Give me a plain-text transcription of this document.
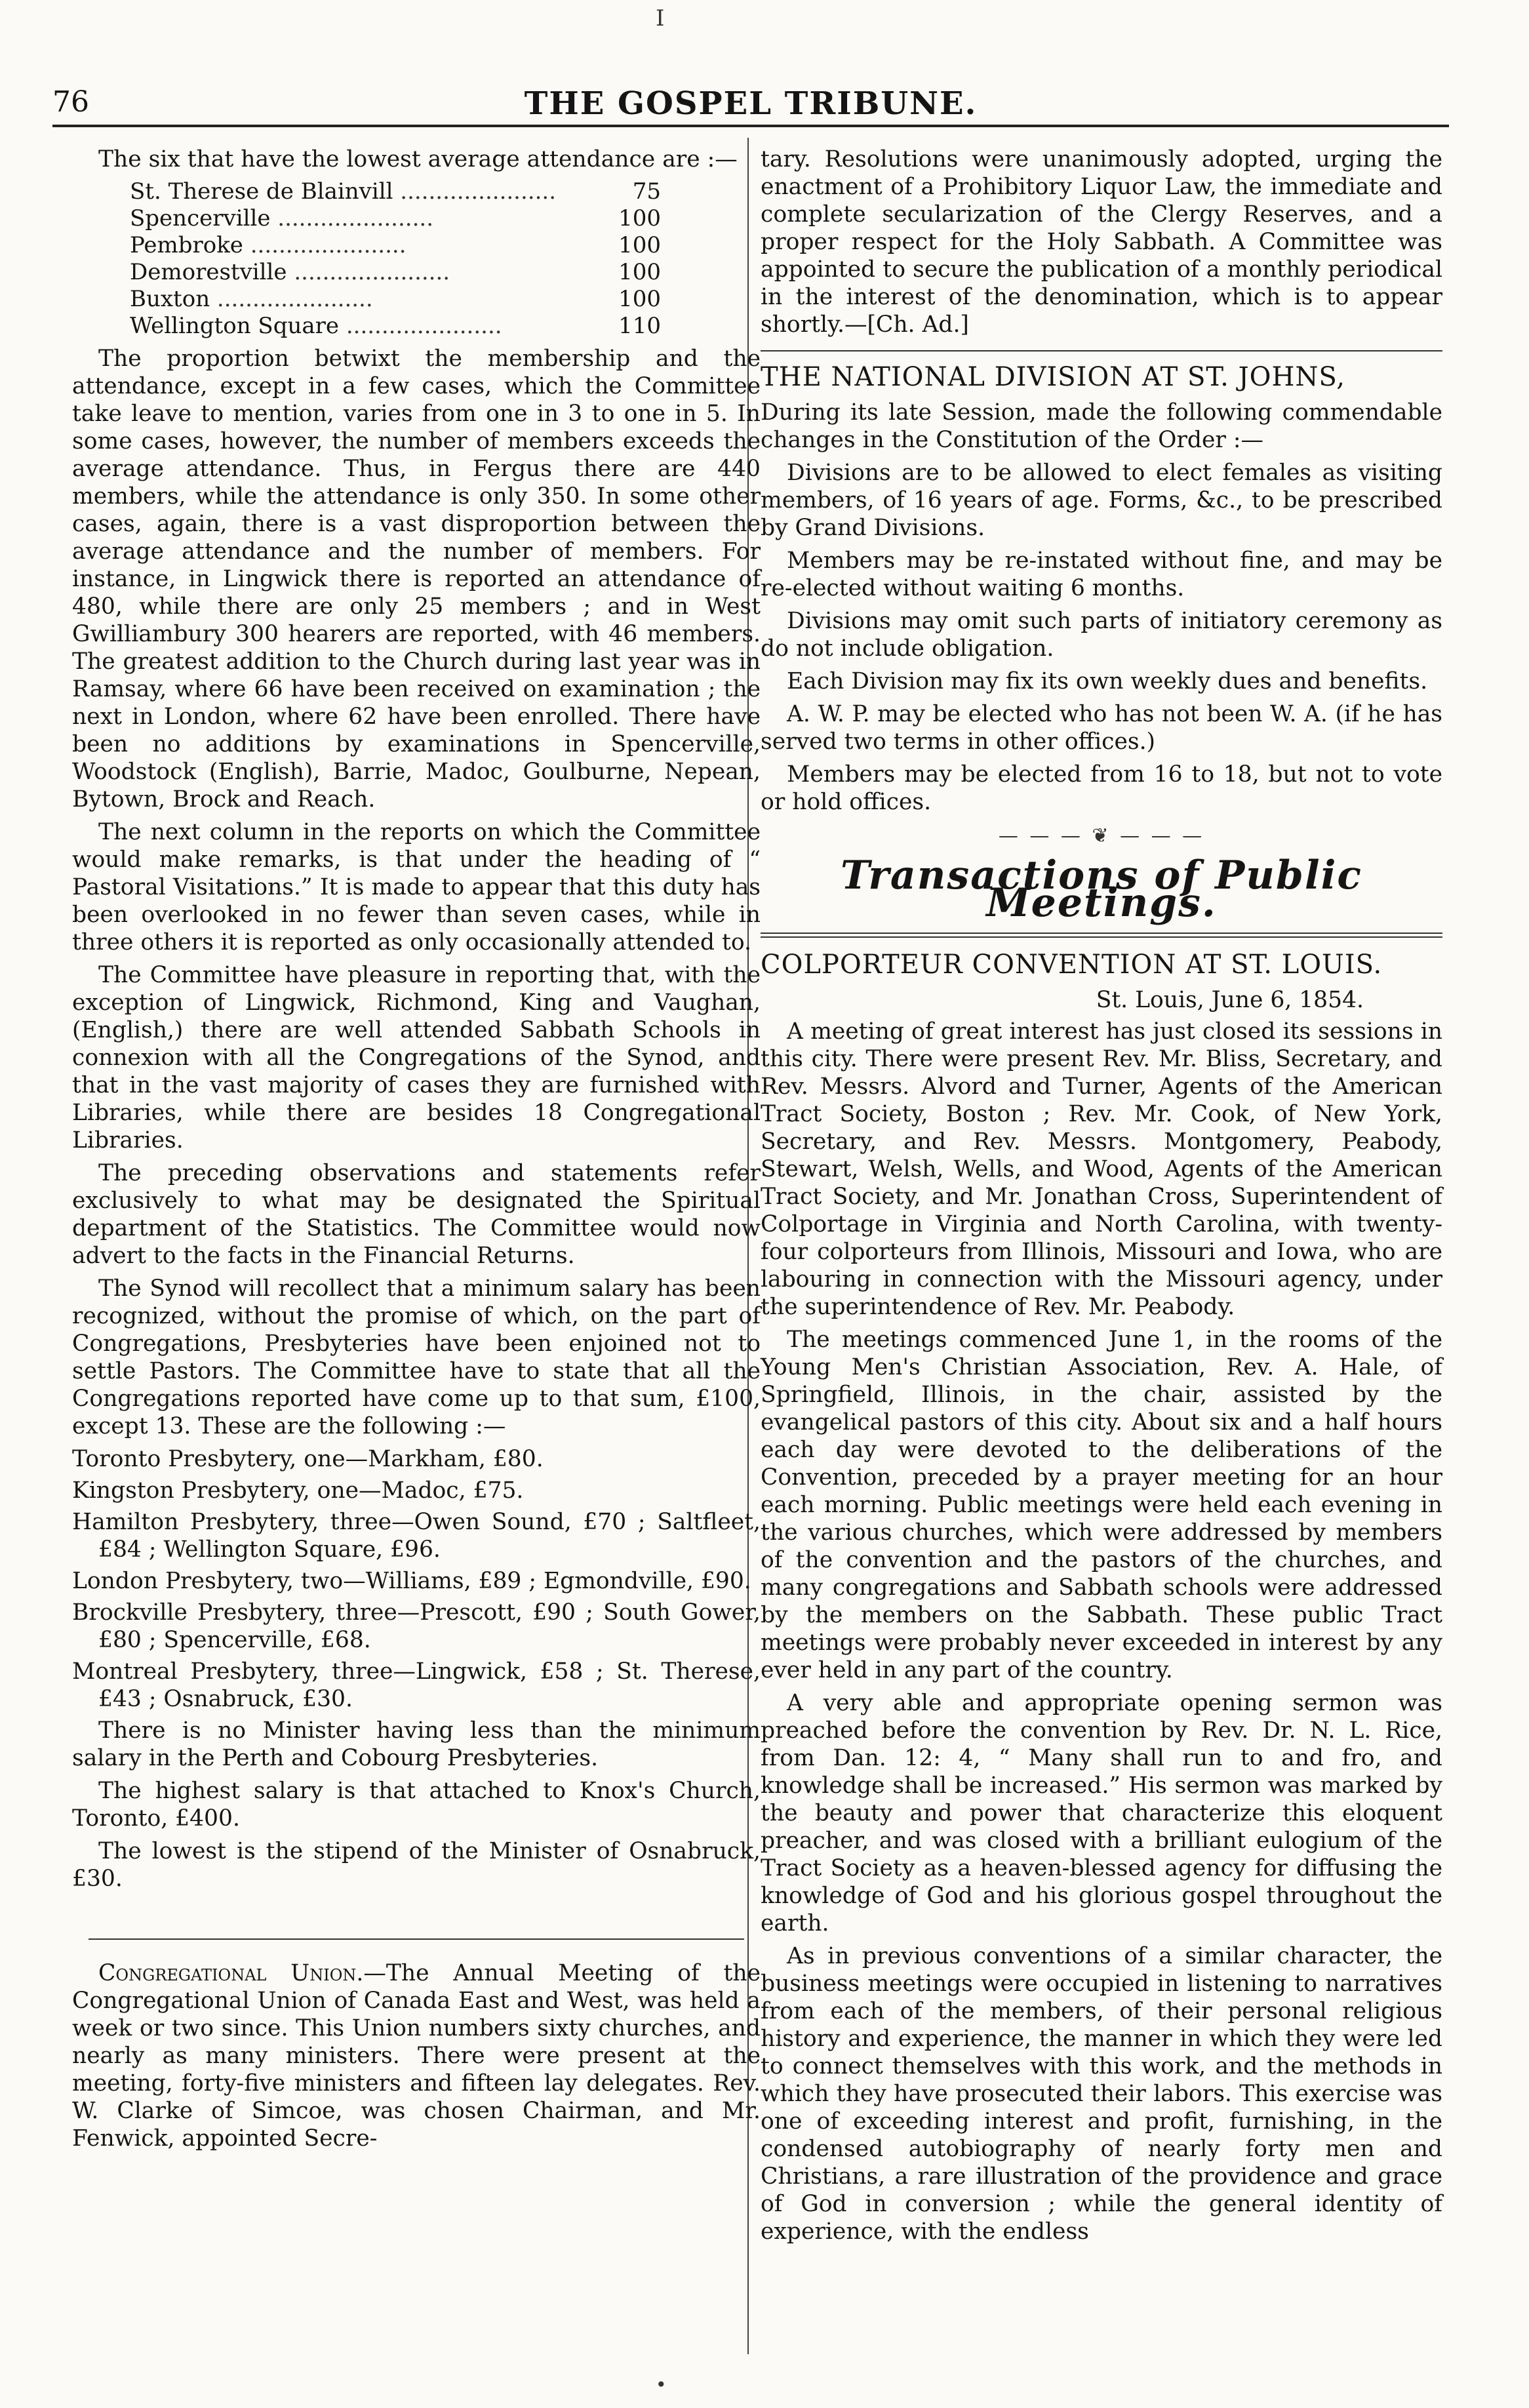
76	THE GOSPEL TRIBUNE.
I

The six that have the lowest average attendance are :—

St. Therese de Blainvill .....	75
Spencerville .....	100
Pembroke .....	100
Demorestville .....	100
Buxton .....	100
Wellington Square .....	110

The proportion betwixt the membership and the attendance, except in a few cases, which the Committee take leave to mention, varies from one in 3 to one in 5. In some cases, however, the number of members exceeds the average attendance. Thus, in Fergus there are 440 members, while the attendance is only 350. In some other cases, again, there is a vast disproportion between the average attendance and the number of members. For instance, in Lingwick there is reported an attendance of 480, while there are only 25 members ; and in West Gwilliambury 300 hearers are reported, with 46 members. The greatest addition to the Church during last year was in Ramsay, where 66 have been received on examination ; the next in London, where 62 have been enrolled. There have been no additions by examinations in Spencerville, Woodstock (English), Barrie, Madoc, Goulburne, Nepean, Bytown, Brock and Reach.

The next column in the reports on which the Committee would make remarks, is that under the heading of “ Pastoral Visitations.” It is made to appear that this duty has been overlooked in no fewer than seven cases, while in three others it is reported as only occasionally attended to.

The Committee have pleasure in reporting that, with the exception of Lingwick, Richmond, King and Vaughan, (English,) there are well attended Sabbath Schools in connexion with all the Congregations of the Synod, and that in the vast majority of cases they are furnished with Libraries, while there are besides 18 Congregational Libraries.

The preceding observations and statements refer exclusively to what may be designated the Spiritual department of the Statistics. The Committee would now advert to the facts in the Financial Returns.

The Synod will recollect that a minimum salary has been recognized, without the promise of which, on the part of Congregations, Presbyteries have been enjoined not to settle Pastors. The Committee have to state that all the Congregations reported have come up to that sum, £100, except 13. These are the following :—

Toronto Presbytery, one—Markham, £80.

Kingston Presbytery, one—Madoc, £75.

Hamilton Presbytery, three—Owen Sound, £70 ; Saltfleet, £84 ; Wellington Square, £96.

London Presbytery, two—Williams, £89 ; Egmondville, £90.

Brockville Presbytery, three—Prescott, £90 ; South Gower, £80 ; Spencerville, £68.

Montreal Presbytery, three—Lingwick, £58 ; St. Therese, £43 ; Osnabruck, £30.

There is no Minister having less than the minimum salary in the Perth and Cobourg Presbyteries.

The highest salary is that attached to Knox's Church, Toronto, £400.

The lowest is the stipend of the Minister of Osnabruck, £30.

Congregational Union.—The Annual Meeting of the Congregational Union of Canada East and West, was held a week or two since. This Union numbers sixty churches, and nearly as many ministers. There were present at the meeting, forty-five ministers and fifteen lay delegates. Rev. W. Clarke of Simcoe, was chosen Chairman, and Mr. Fenwick, appointed Secre-

tary. Resolutions were unanimously adopted, urging the enactment of a Prohibitory Liquor Law, the immediate and complete secularization of the Clergy Reserves, and a proper respect for the Holy Sabbath. A Committee was appointed to secure the publication of a monthly periodical in the interest of the denomination, which is to appear shortly.—[Ch. Ad.]

THE NATIONAL DIVISION AT ST. JOHNS,

During its late Session, made the following commendable changes in the Constitution of the Order :—

Divisions are to be allowed to elect females as visiting members, of 16 years of age. Forms, &c., to be prescribed by Grand Divisions.

Members may be re-instated without fine, and may be re-elected without waiting 6 months.

Divisions may omit such parts of initiatory ceremony as do not include obligation.

Each Division may fix its own weekly dues and benefits.

A. W. P. may be elected who has not been W. A. (if he has served two terms in other offices.)

Members may be elected from 16 to 18, but not to vote or hold offices.

— — — ❦ — — —
Transactions of Public Meetings.
COLPORTEUR CONVENTION AT ST. LOUIS.
St. Louis, June 6, 1854.

A meeting of great interest has just closed its sessions in this city. There were present Rev. Mr. Bliss, Secretary, and Rev. Messrs. Alvord and Turner, Agents of the American Tract Society, Boston ; Rev. Mr. Cook, of New York, Secretary, and Rev. Messrs. Montgomery, Peabody, Stewart, Welsh, Wells, and Wood, Agents of the American Tract Society, and Mr. Jonathan Cross, Superintendent of Colportage in Virginia and North Carolina, with twenty-four colporteurs from Illinois, Missouri and Iowa, who are labouring in connection with the Missouri agency, under the superintendence of Rev. Mr. Peabody.

The meetings commenced June 1, in the rooms of the Young Men's Christian Association, Rev. A. Hale, of Springfield, Illinois, in the chair, assisted by the evangelical pastors of this city. About six and a half hours each day were devoted to the deliberations of the Convention, preceded by a prayer meeting for an hour each morning. Public meetings were held each evening in the various churches, which were addressed by members of the convention and the pastors of the churches, and many congregations and Sabbath schools were addressed by the members on the Sabbath. These public Tract meetings were probably never exceeded in interest by any ever held in any part of the country.

A very able and appropriate opening sermon was preached before the convention by Rev. Dr. N. L. Rice, from Dan. 12: 4, “ Many shall run to and fro, and knowledge shall be increased.” His sermon was marked by the beauty and power that characterize this eloquent preacher, and was closed with a brilliant eulogium of the Tract Society as a heaven-blessed agency for diffusing the knowledge of God and his glorious gospel throughout the earth.

As in previous conventions of a similar character, the business meetings were occupied in listening to narratives from each of the members, of their personal religious history and experience, the manner in which they were led to connect themselves with this work, and the methods in which they have prosecuted their labors. This exercise was one of exceeding interest and profit, furnishing, in the condensed autobiography of nearly forty men and Christians, a rare illustration of the providence and grace of God in conversion ; while the general identity of experience, with the endless

•
